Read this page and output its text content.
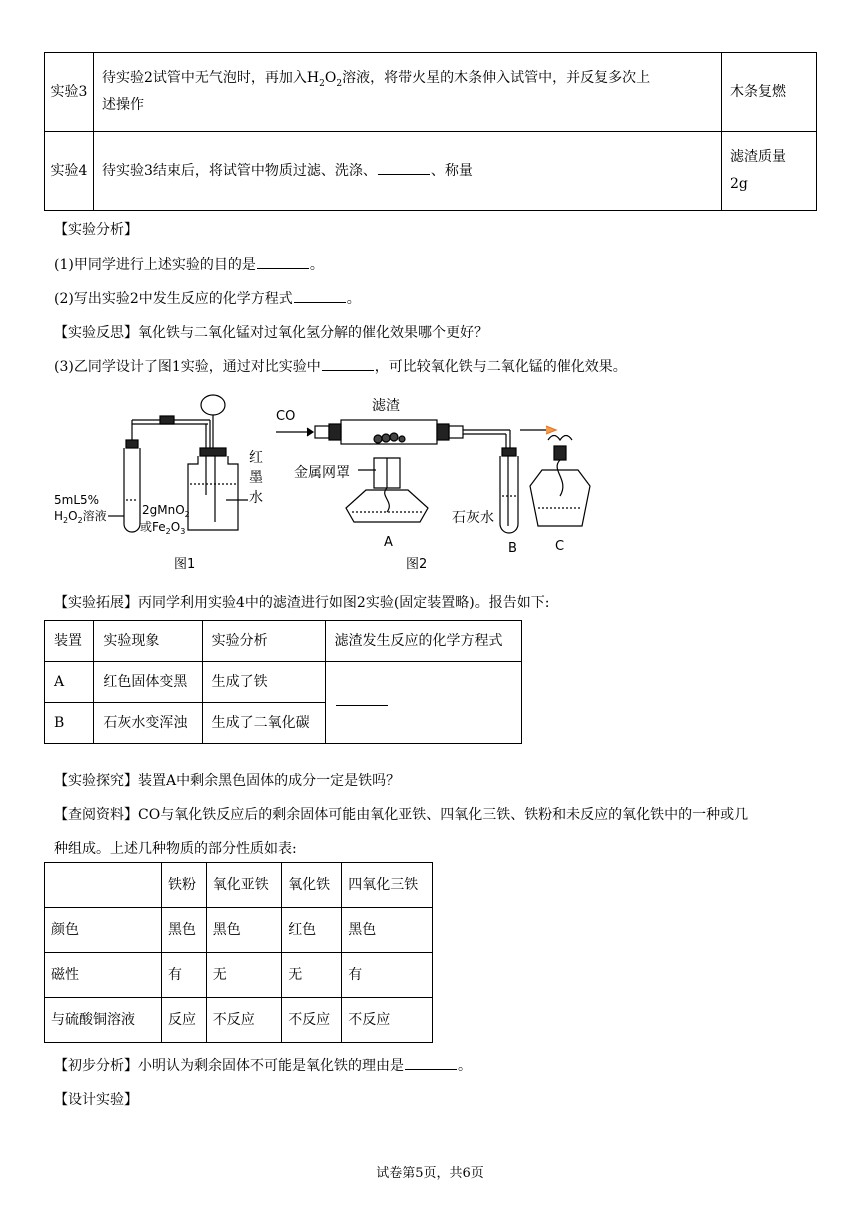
实验3	待实验2试管中无气泡时，再加入$H_2O_2$溶液，将带火星的木条伸入试管中，并反复多次上
述操作	木条复燃
实验4	待实验3结束后，将试管中物质过滤、洗涤、 、称量	滤渣质量
2g
【实验分析】
(1)甲同学进行上述实验的目的是	。
(2)写出实验2中发生反应的化学方程式	。
【实验反思】氧化铁与二氧化锰对过氧化氢分解的催化效果哪个更好？
(3)乙同学设计了图1实验，通过对比实验中	，可比较氧化铁与二氧化锰的催化效果。
5mL5%
$H_2O_2$溶液	2gMnO$_2$
或$Fe_2O_3$
红
墨
水
图1
CO
滤渣
金属网罩
石灰水
A	B	C
图2
【实验拓展】丙同学利用实验4中的滤渣进行如图2实验(固定装置略)。报告如下:
装置	实验现象	实验分析	滤渣发生反应的化学方程式
A	红色固体变黑	生成了铁	
B	石灰水变浑浊	生成了二氧化碳	
【实验探究】装置A中剩余黑色固体的成分一定是铁吗？
【查阅资料】CO与氧化铁反应后的剩余固体可能由氧化亚铁、四氧化三铁、铁粉和未反应的氧化铁中的一种或几
种组成。上述几种物质的部分性质如表:
	铁粉	氧化亚铁	氧化铁	四氧化三铁
颜色	黑色	黑色	红色	黑色
磁性	有	无	无	有
与硫酸铜溶液	反应	不反应	不反应	不反应
【初步分析】小明认为剩余固体不可能是氧化铁的理由是	。
【设计实验】
试卷第5页，共6页
